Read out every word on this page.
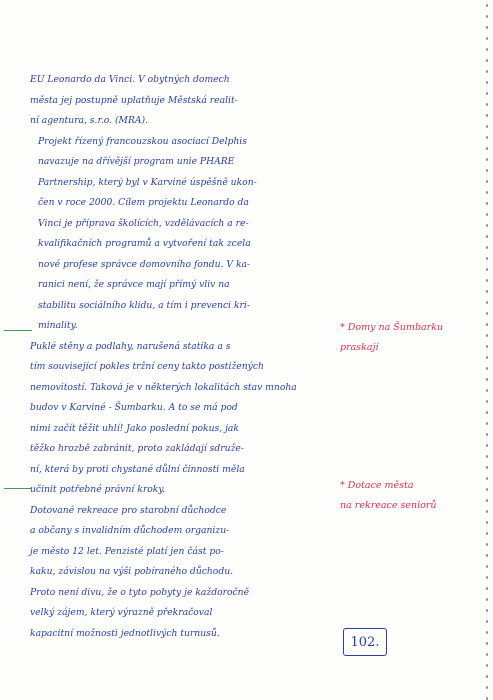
EU Leonardo da Vinci. V obytných domech
města jej postupně uplatňuje Městská realit-
ní agentura, s.r.o. (MRA).

Projekt řízený francouzskou asociací Delphis
navazuje na dřívější program unie PHARE
Partnership, který byl v Karviné úspěšně ukon-
čen v roce 2000. Cílem projektu Leonardo da
Vinci je příprava školících, vzdělávacích a re-
kvalifikačních programů a vytvoření tak zcela
nové profese správce domovního fondu. V ka-
ranici není, že správce mají přímý vliv na
stabilitu sociálního klidu, a tím i prevenci kri-
minality.

Puklé stěny a podlahy, narušená statika a s
tím související pokles tržní ceny takto postižených
nemovitostí. Taková je v některých lokalitách stav mnoha
budov v Karviné - Šumbarku. A to se má pod
nimi začít těžit uhlí! Jako poslední pokus, jak
těžko hrozbě zabránit, proto zakládají sdruže-
ní, která by proti chystané důlní činnosti měla
učinit potřebné právní kroky.

Dotované rekreace pro starobní důchodce
a občany s invalidním důchodem organizu-
je město 12 let. Penzisté platí jen část po-
kaku, závislou na výši pobíraného důchodu.
Proto není divu, že o tyto pobyty je každoročně
velký zájem, který výrazně překračoval
kapacitní možnosti jednotlivých turnusů.

* Domy na Šumbarku
praskají
* Dotace města
na rekreace seniorů
102.
